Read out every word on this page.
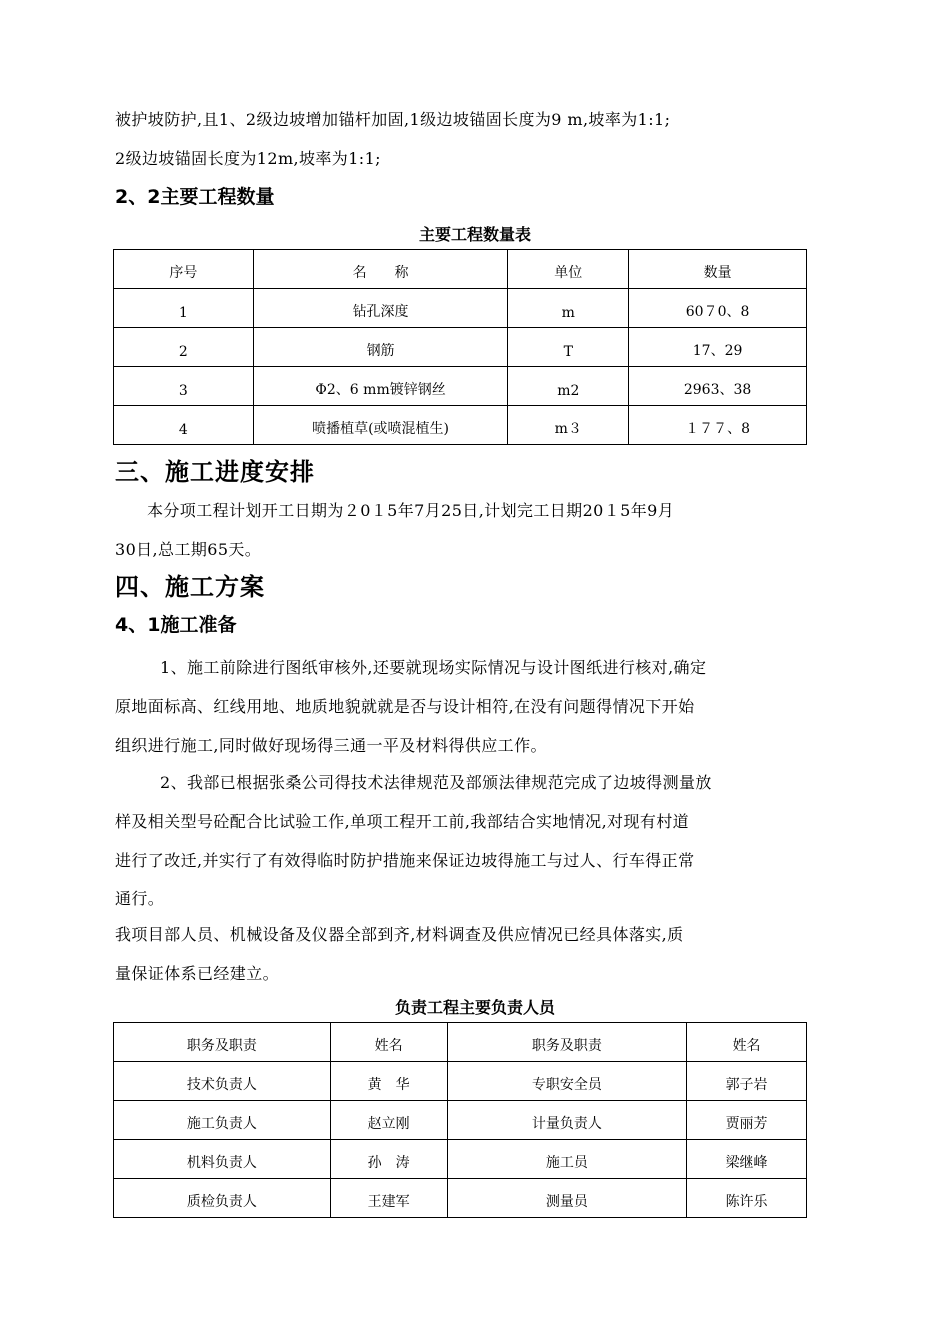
被护坡防护,且1、2级边坡增加锚杆加固,1级边坡锚固长度为9 m,坡率为1:1;
2级边坡锚固长度为12m,坡率为1:1;
2、2主要工程数量
主要工程数量表
序号	名　　称	单位	数量
1	钻孔深度	m	60７0、8
2	钢筋	T	17、29
3	Φ2、6 mm镀锌钢丝	m2	2963、38
4	喷播植草(或喷混植生)	m３	１７７、8
三、施工进度安排
本分项工程计划开工日期为２0１5年7月25日,计划完工日期20１5年9月
30日,总工期65天。
四、施工方案
4、1施工准备
1、施工前除进行图纸审核外,还要就现场实际情况与设计图纸进行核对,确定
原地面标高、红线用地、地质地貌就就是否与设计相符,在没有问题得情况下开始
组织进行施工,同时做好现场得三通一平及材料得供应工作。
2、我部已根据张桑公司得技术法律规范及部颁法律规范完成了边坡得测量放
样及相关型号砼配合比试验工作,单项工程开工前,我部结合实地情况,对现有村道
进行了改迁,并实行了有效得临时防护措施来保证边坡得施工与过人、行车得正常
通行。
我项目部人员、机械设备及仪器全部到齐,材料调查及供应情况已经具体落实,质
量保证体系已经建立。
负责工程主要负责人员
职务及职责	姓名	职务及职责	姓名
技术负责人	黄　华	专职安全员	郭子岩
施工负责人	赵立刚	计量负责人	贾丽芳
机料负责人	孙　涛	施工员	梁继峰
质检负责人	王建军	测量员	陈许乐
